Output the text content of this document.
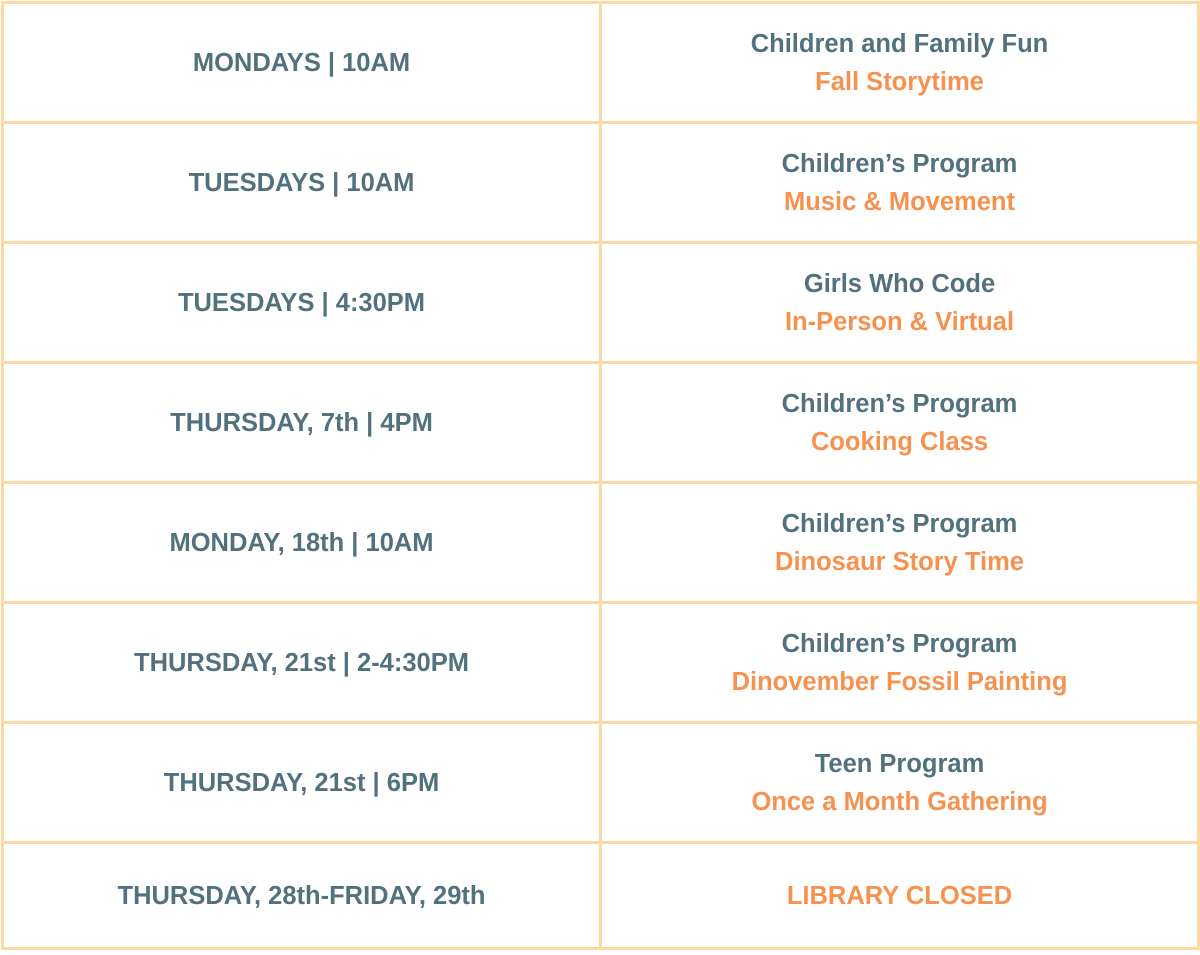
MONDAYS | 10AM	Children and Family Fun
Fall Storytime

TUESDAYS | 10AM	Children’s Program
Music & Movement

TUESDAYS | 4:30PM	Girls Who Code
In-Person & Virtual

THURSDAY, 7th | 4PM	Children’s Program
Cooking Class

MONDAY, 18th | 10AM	Children’s Program
Dinosaur Story Time

THURSDAY, 21st | 2-4:30PM	Children’s Program
Dinovember Fossil Painting

THURSDAY, 21st | 6PM	Teen Program
Once a Month Gathering

THURSDAY, 28th-FRIDAY, 29th	LIBRARY CLOSED
